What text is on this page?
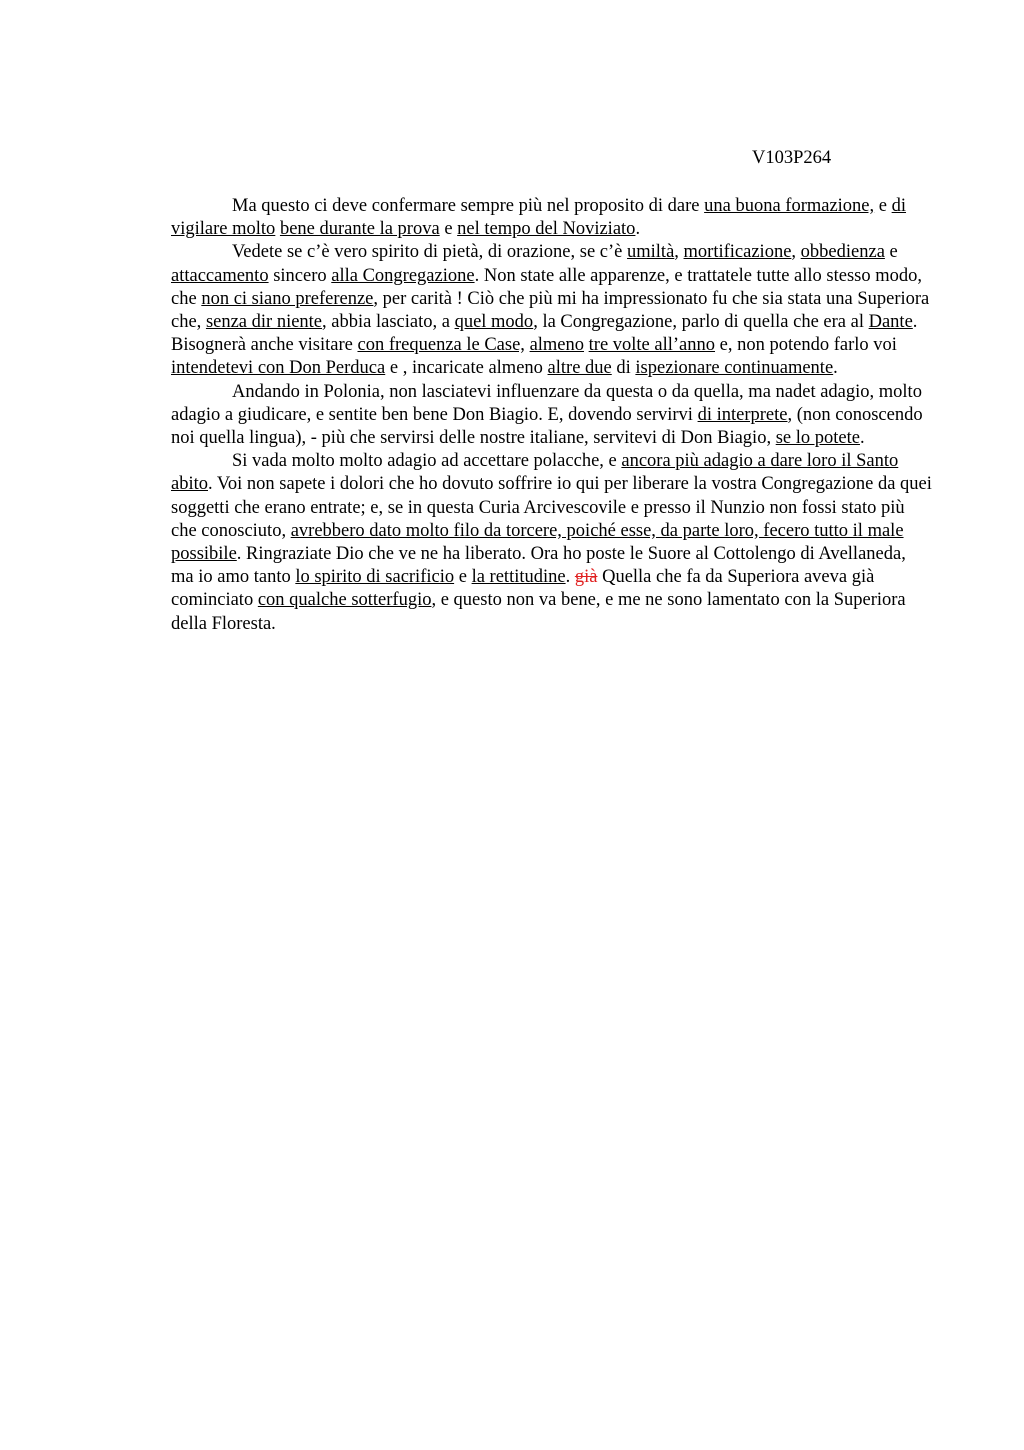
V103P264

Ma questo ci deve confermare sempre più nel proposito di dare una buona formazione, e di vigilare molto bene durante la prova e nel tempo del Noviziato.

Vedete se c’è vero spirito di pietà, di orazione, se c’è umiltà, mortificazione, obbedienza e attaccamento sincero alla Congregazione. Non state alle apparenze, e trattatele tutte allo stesso modo, che non ci siano preferenze, per carità ! Ciò che più mi ha impressionato fu che sia stata una Superiora che, senza dir niente, abbia lasciato, a quel modo, la Congregazione, parlo di quella che era al Dante. Bisognerà anche visitare con frequenza le Case, almeno tre volte all’anno e, non potendo farlo voi intendetevi con Don Perduca e , incaricate almeno altre due di ispezionare continuamente.

Andando in Polonia, non lasciatevi influenzare da questa o da quella, ma nadet adagio, molto adagio a giudicare, e sentite ben bene Don Biagio. E, dovendo servirvi di interprete, (non conoscendo noi quella lingua), - più che servirsi delle nostre italiane, servitevi di Don Biagio, se lo potete.

Si vada molto molto adagio ad accettare polacche, e ancora più adagio a dare loro il Santo abito. Voi non sapete i dolori che ho dovuto soffrire io qui per liberare la vostra Congregazione da quei soggetti che erano entrate; e, se in questa Curia Arcivescovile e presso il Nunzio non fossi stato più che conosciuto, avrebbero dato molto filo da torcere, poiché esse, da parte loro, fecero tutto il male possibile. Ringraziate Dio che ve ne ha liberato. Ora ho poste le Suore al Cottolengo di Avellaneda, ma io amo tanto lo spirito di sacrificio e la rettitudine. già Quella che fa da Superiora aveva già cominciato con qualche sotterfugio, e questo non va bene, e me ne sono lamentato con la Superiora della Floresta.
